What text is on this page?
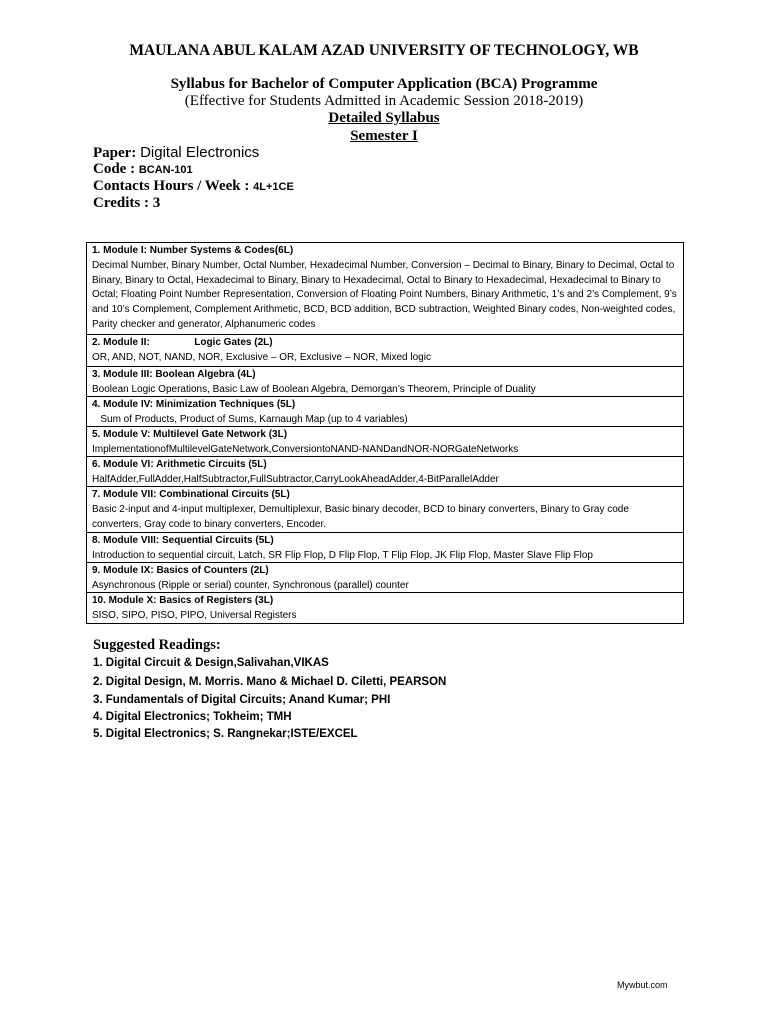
MAULANA ABUL KALAM AZAD UNIVERSITY OF TECHNOLOGY, WB
Syllabus for Bachelor of Computer Application (BCA) Programme
(Effective for Students Admitted in Academic Session 2018-2019)
Detailed Syllabus
Semester I
Paper: Digital Electronics
Code : BCAN-101
Contacts Hours / Week : 4L+1CE
Credits : 3
1. Module I: Number Systems & Codes(6L)
Decimal Number, Binary Number, Octal Number, Hexadecimal Number, Conversion – Decimal to Binary, Binary to Decimal, Octal to Binary, Binary to Octal, Hexadecimal to Binary, Binary to Hexadecimal, Octal to Binary to Hexadecimal, Hexadecimal to Binary to Octal; Floating Point Number Representation, Conversion of Floating Point Numbers, Binary Arithmetic, 1’s and 2’s Complement, 9’s and 10’s Complement, Complement Arithmetic, BCD, BCD addition, BCD subtraction, Weighted Binary codes, Non-weighted codes, Parity checker and generator, Alphanumeric codes
2. Module II:                Logic Gates (2L)
OR, AND, NOT, NAND, NOR, Exclusive – OR, Exclusive – NOR, Mixed logic
3. Module III: Boolean Algebra (4L)
Boolean Logic Operations, Basic Law of Boolean Algebra, Demorgan’s Theorem, Principle of Duality
4. Module IV: Minimization Techniques (5L)
Sum of Products, Product of Sums, Karnaugh Map (up to 4 variables)
5. Module V: Multilevel Gate Network (3L)
ImplementationofMultilevelGateNetwork,ConversiontoNAND-NANDandNOR-NORGateNetworks
6. Module VI: Arithmetic Circuits (5L)
HalfAdder,FullAdder,HalfSubtractor,FullSubtractor,CarryLookAheadAdder,4-BitParallelAdder
7. Module VII: Combinational Circuits (5L)
Basic 2-input and 4-input multiplexer, Demultiplexur, Basic binary decoder, BCD to binary converters, Binary to Gray code converters, Gray code to binary converters, Encoder.
8. Module VIII: Sequential Circuits (5L)
Introduction to sequential circuit, Latch, SR Flip Flop, D Flip Flop, T Flip Flop, JK Flip Flop, Master Slave Flip Flop
9. Module IX: Basics of Counters (2L)
Asynchronous (Ripple or serial) counter, Synchronous (parallel) counter
10. Module X: Basics of Registers (3L)
SISO, SIPO, PISO, PIPO, Universal Registers
Suggested Readings:
1. Digital Circuit & Design,Salivahan,VIKAS
2. Digital Design, M. Morris. Mano & Michael D. Ciletti, PEARSON
3. Fundamentals of Digital Circuits; Anand Kumar; PHI
4. Digital Electronics; Tokheim; TMH
5. Digital Electronics; S. Rangnekar;ISTE/EXCEL
Mywbut.com
